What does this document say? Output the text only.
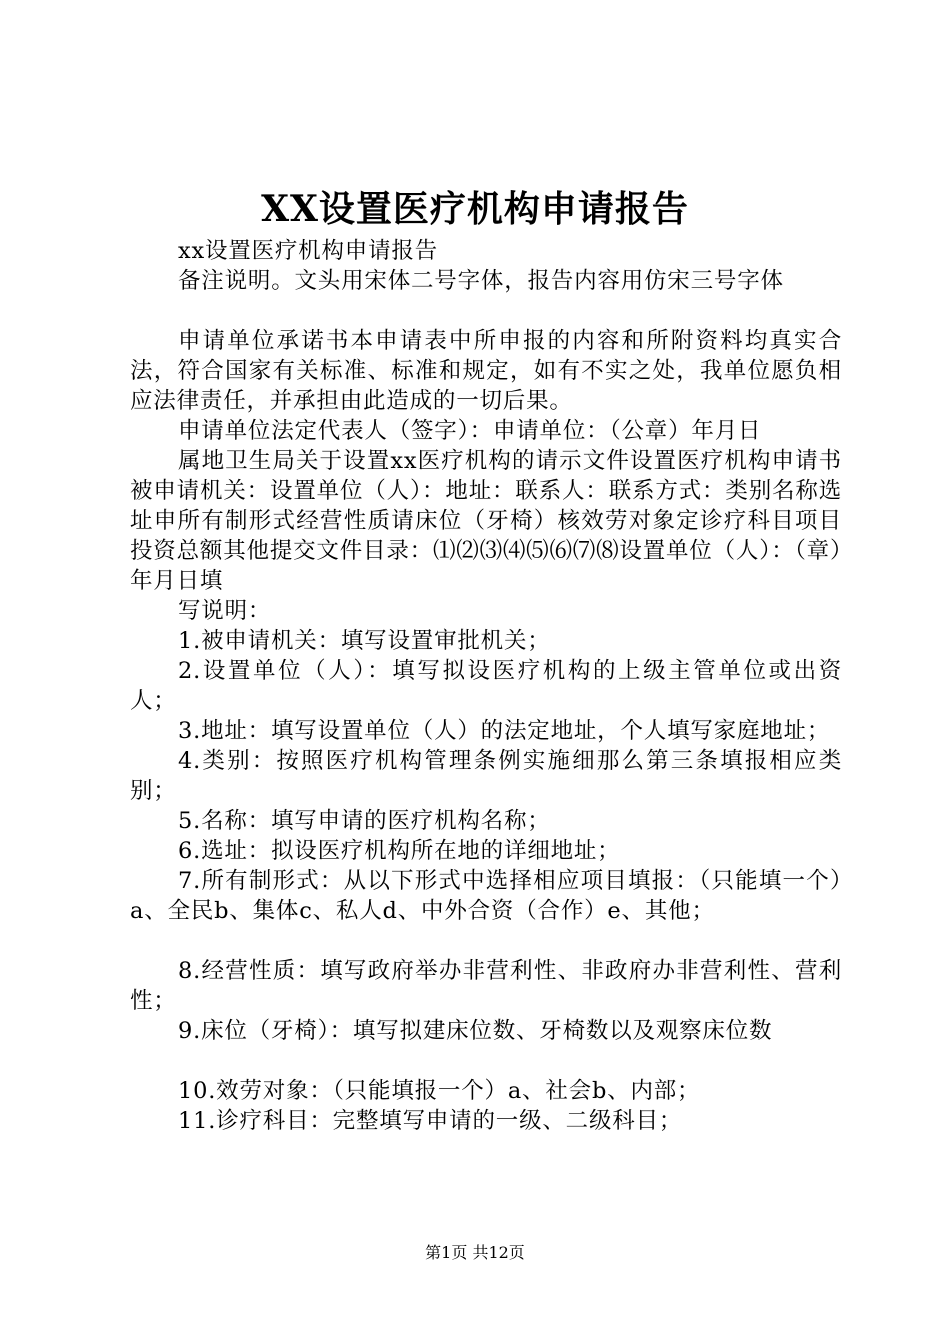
XX设置医疗机构申请报告

xx设置医疗机构申请报告

备注说明。文头用宋体二号字体，报告内容用仿宋三号字体

申请单位承诺书本申请表中所申报的内容和所附资料均真实合法，符合国家有关标准、标准和规定，如有不实之处，我单位愿负相应法律责任，并承担由此造成的一切后果。

申请单位法定代表人（签字）：申请单位：（公章）年月日

属地卫生局关于设置xx医疗机构的请示文件设置医疗机构申请书被申请机关：设置单位（人）：地址：联系人：联系方式：类别名称选址申所有制形式经营性质请床位（牙椅）核效劳对象定诊疗科目项目投资总额其他提交文件目录：⑴⑵⑶⑷⑸⑹⑺⑻设置单位（人）：（章）年月日填

写说明：

1.被申请机关：填写设置审批机关；

2.设置单位（人）：填写拟设医疗机构的上级主管单位或出资人；

3.地址：填写设置单位（人）的法定地址，个人填写家庭地址；

4.类别：按照医疗机构管理条例实施细那么第三条填报相应类别；

5.名称：填写申请的医疗机构名称；

6.选址：拟设医疗机构所在地的详细地址；

7.所有制形式：从以下形式中选择相应项目填报：（只能填一个）a、全民b、集体c、私人d、中外合资（合作）e、其他；

8.经营性质：填写政府举办非营利性、非政府办非营利性、营利性；

9.床位（牙椅）：填写拟建床位数、牙椅数以及观察床位数

10.效劳对象：（只能填报一个）a、社会b、内部；

11.诊疗科目：完整填写申请的一级、二级科目；

第1页 共12页
